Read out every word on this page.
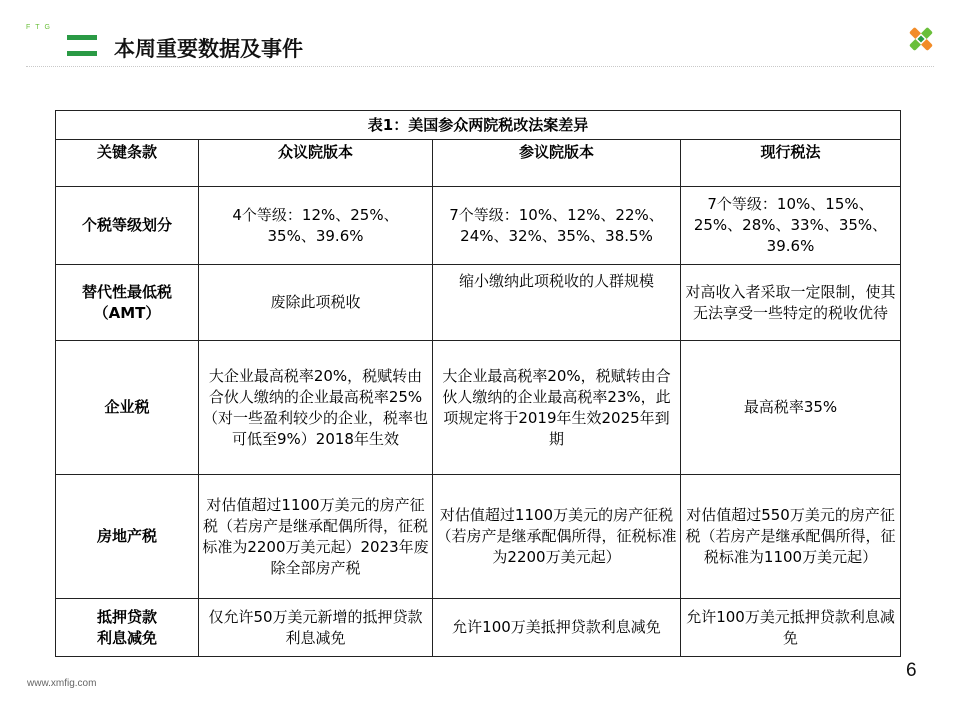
FTG
本周重要数据及事件
表1：美国参众两院税改法案差异			
关键条款	众议院版本	参议院版本	现行税法
个税等级划分	4个等级：12%、25%、35%、39.6%	7个等级：10%、12%、22%、24%、32%、35%、38.5%	7个等级：10%、15%、25%、28%、33%、35%、39.6%
替代性最低税（AMT）	废除此项税收	缩小缴纳此项税收的人群规模	对高收入者采取一定限制，使其无法享受一些特定的税收优待
企业税	大企业最高税率20%，税赋转由合伙人缴纳的企业最高税率25%（对一些盈利较少的企业，税率也可低至9%）2018年生效	大企业最高税率20%，税赋转由合伙人缴纳的企业最高税率23%，此项规定将于2019年生效2025年到期	最高税率35%
房地产税	对估值超过1100万美元的房产征税（若房产是继承配偶所得，征税标准为2200万美元起）2023年废除全部房产税	对估值超过1100万美元的房产征税（若房产是继承配偶所得，征税标准为2200万美元起）	对估值超过550万美元的房产征税（若房产是继承配偶所得，征税标准为1100万美元起）
抵押贷款利息减免	仅允许50万美元新增的抵押贷款利息减免	允许100万美抵押贷款利息减免	允许100万美元抵押贷款利息减免
www.xmfig.com
6
